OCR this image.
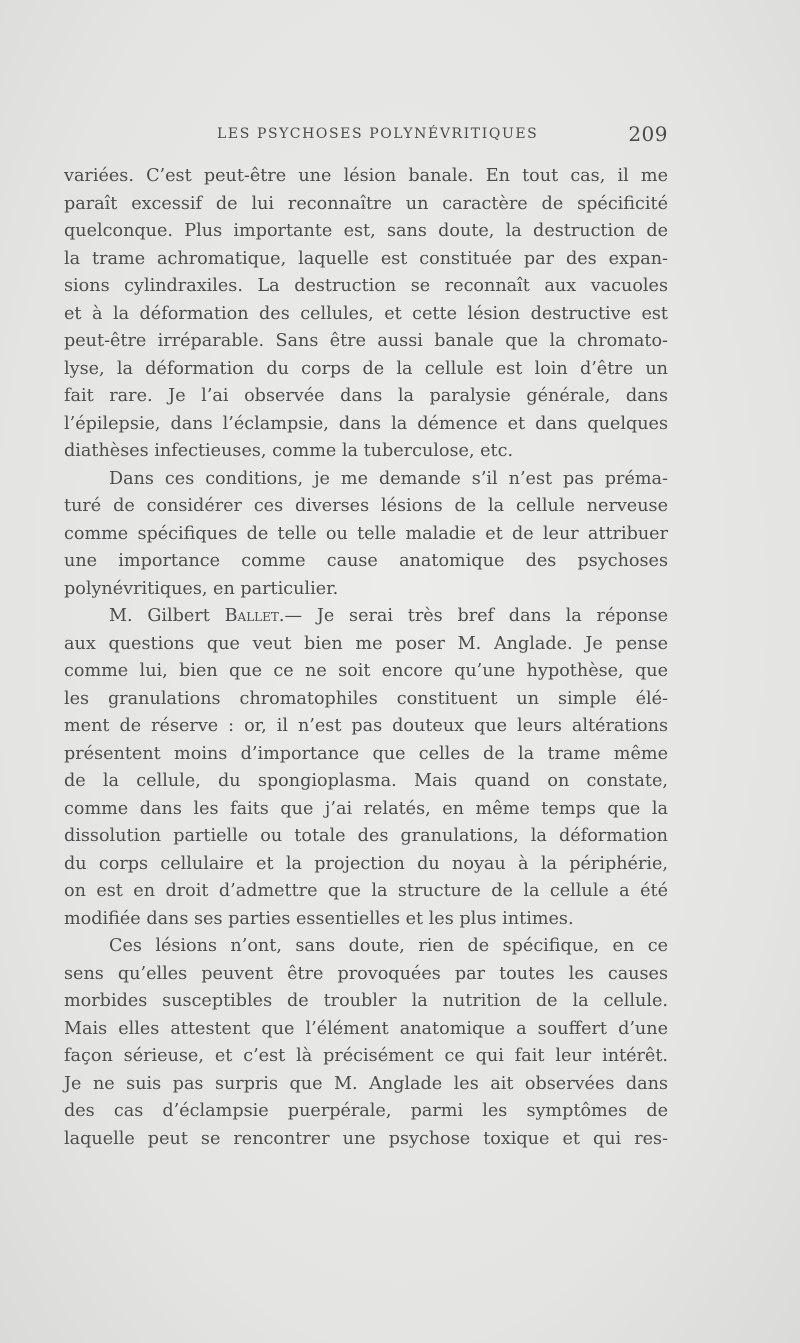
LES PSYCHOSES POLYNÉVRITIQUES	209

variées. C’est peut-être une lésion banale. En tout cas, il me
paraît excessif de lui reconnaître un caractère de spécificité
quelconque. Plus importante est, sans doute, la destruction de
la trame achromatique, laquelle est constituée par des expan-
sions cylindraxiles. La destruction se reconnaît aux vacuoles
et à la déformation des cellules, et cette lésion destructive est
peut-être irréparable. Sans être aussi banale que la chromato-
lyse, la déformation du corps de la cellule est loin d’être un
fait rare. Je l’ai observée dans la paralysie générale, dans
l’épilepsie, dans l’éclampsie, dans la démence et dans quelques
diathèses infectieuses, comme la tuberculose, etc.

Dans ces conditions, je me demande s’il n’est pas préma-
turé de considérer ces diverses lésions de la cellule nerveuse
comme spécifiques de telle ou telle maladie et de leur attribuer
une importance comme cause anatomique des psychoses
polynévritiques, en particulier.

M. Gilbert Ballet.— Je serai très bref dans la réponse
aux questions que veut bien me poser M. Anglade. Je pense
comme lui, bien que ce ne soit encore qu’une hypothèse, que
les granulations chromatophiles constituent un simple élé-
ment de réserve : or, il n’est pas douteux que leurs altérations
présentent moins d’importance que celles de la trame même
de la cellule, du spongioplasma. Mais quand on constate,
comme dans les faits que j’ai relatés, en même temps que la
dissolution partielle ou totale des granulations, la déformation
du corps cellulaire et la projection du noyau à la périphérie,
on est en droit d’admettre que la structure de la cellule a été
modifiée dans ses parties essentielles et les plus intimes.

Ces lésions n’ont, sans doute, rien de spécifique, en ce
sens qu’elles peuvent être provoquées par toutes les causes
morbides susceptibles de troubler la nutrition de la cellule.
Mais elles attestent que l’élément anatomique a souffert d’une
façon sérieuse, et c’est là précisément ce qui fait leur intérêt.
Je ne suis pas surpris que M. Anglade les ait observées dans
des cas d’éclampsie puerpérale, parmi les symptômes de
laquelle peut se rencontrer une psychose toxique et qui res-
